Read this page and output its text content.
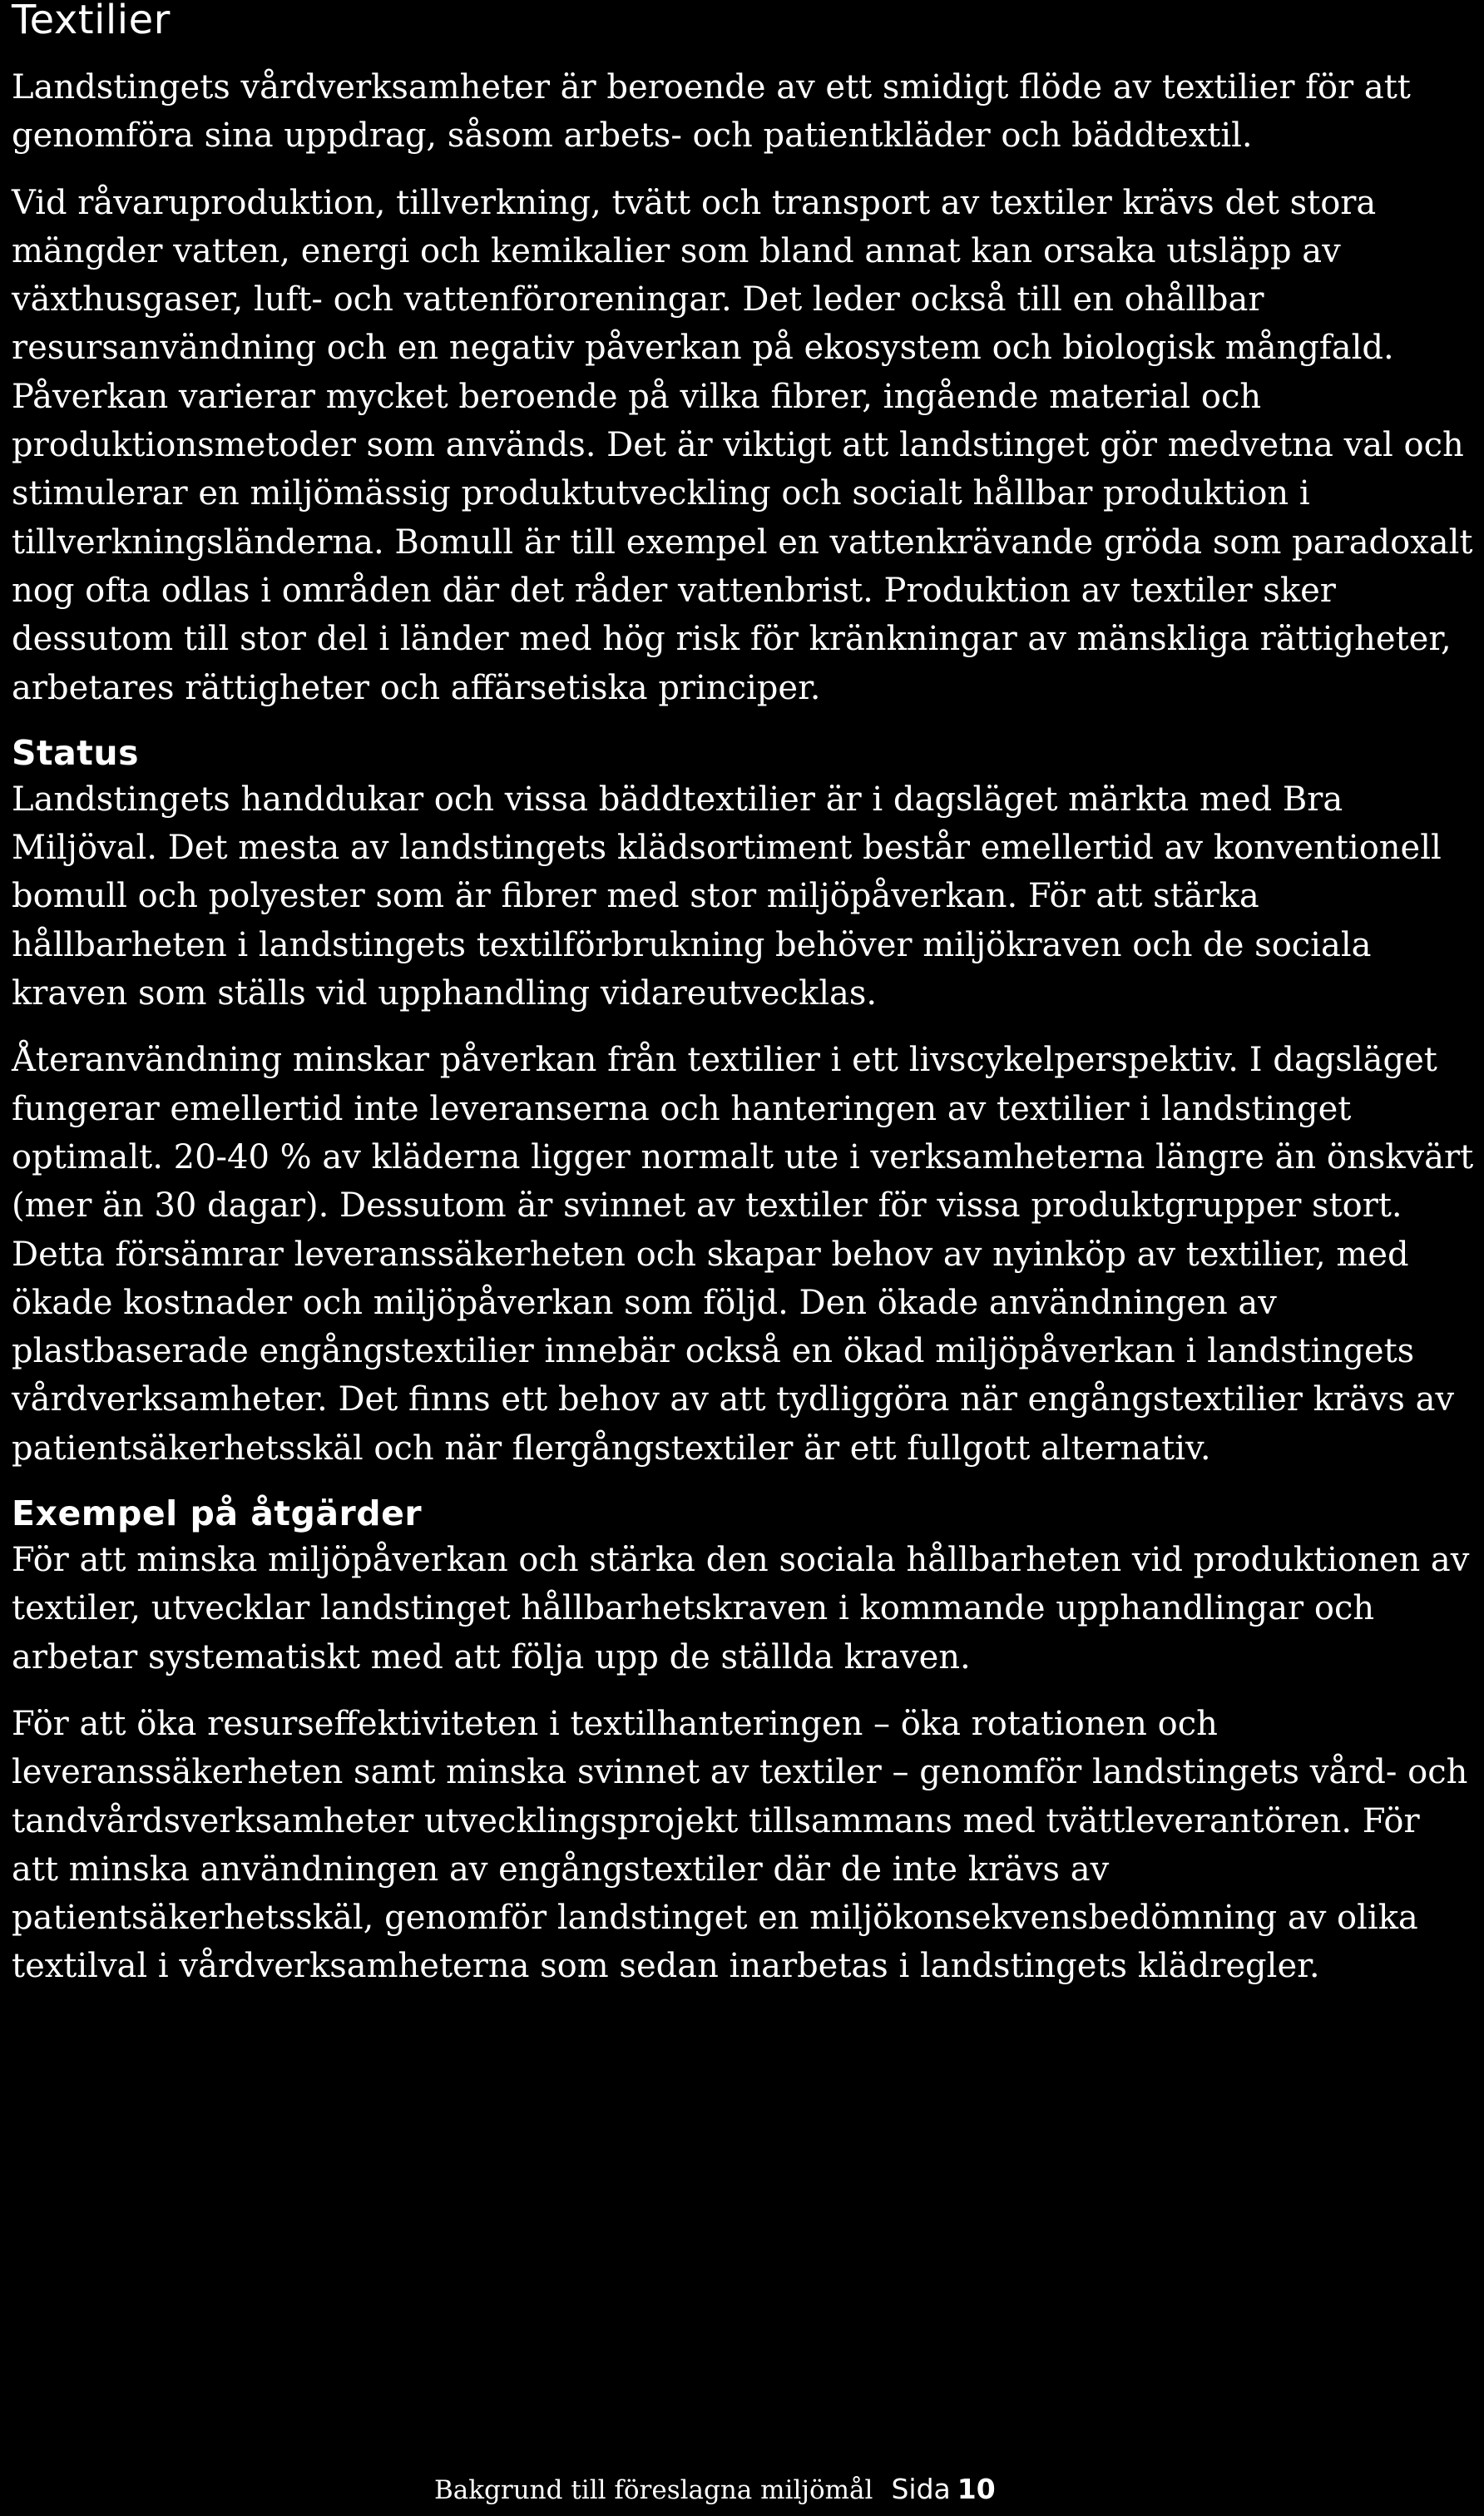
Textilier

Landstingets vårdverksamheter är beroende av ett smidigt flöde av textilier för att genomföra sina uppdrag, såsom arbets- och patientkläder och bäddtextil.

Vid råvaruproduktion, tillverkning, tvätt och transport av textiler krävs det stora mängder vatten, energi och kemikalier som bland annat kan orsaka utsläpp av växthusgaser, luft- och vattenföroreningar. Det leder också till en ohållbar resursanvändning och en negativ påverkan på ekosystem och biologisk mångfald. Påverkan varierar mycket beroende på vilka fibrer, ingående material och produktionsmetoder som används. Det är viktigt att landstinget gör medvetna val och stimulerar en miljömässig produktutveckling och socialt hållbar produktion i tillverkningsländerna. Bomull är till exempel en vattenkrävande gröda som paradoxalt nog ofta odlas i områden där det råder vattenbrist. Produktion av textiler sker dessutom till stor del i länder med hög risk för kränkningar av mänskliga rättigheter, arbetares rättigheter och affärsetiska principer.

Status

Landstingets handdukar och vissa bäddtextilier är i dagsläget märkta med Bra Miljöval. Det mesta av landstingets klädsortiment består emellertid av konventionell bomull och polyester som är fibrer med stor miljöpåverkan. För att stärka hållbarheten i landstingets textilförbrukning behöver miljökraven och de sociala kraven som ställs vid upphandling vidareutvecklas.

Återanvändning minskar påverkan från textilier i ett livscykelperspektiv. I dagsläget fungerar emellertid inte leveranserna och hanteringen av textilier i landstinget optimalt. 20-40 % av kläderna ligger normalt ute i verksamheterna längre än önskvärt (mer än 30 dagar). Dessutom är svinnet av textiler för vissa produktgrupper stort. Detta försämrar leveranssäkerheten och skapar behov av nyinköp av textilier, med ökade kostnader och miljöpåverkan som följd. Den ökade användningen av plastbaserade engångstextilier innebär också en ökad miljöpåverkan i landstingets vårdverksamheter. Det finns ett behov av att tydliggöra när engångstextilier krävs av patientsäkerhetsskäl och när flergångstextiler är ett fullgott alternativ.

Exempel på åtgärder

För att minska miljöpåverkan och stärka den sociala hållbarheten vid produktionen av textiler, utvecklar landstinget hållbarhetskraven i kommande upphandlingar och arbetar systematiskt med att följa upp de ställda kraven.

För att öka resurseffektiviteten i textilhanteringen – öka rotationen och leveranssäkerheten samt minska svinnet av textiler – genomför landstingets vård- och tandvårdsverksamheter utvecklingsprojekt tillsammans med tvättleverantören. För att minska användningen av engångstextiler där de inte krävs av patientsäkerhetsskäl, genomför landstinget en miljökonsekvensbedömning av olika textilval i vårdverksamheterna som sedan inarbetas i landstingets klädregler.

Bakgrund till föreslagna miljömål Sida 10
